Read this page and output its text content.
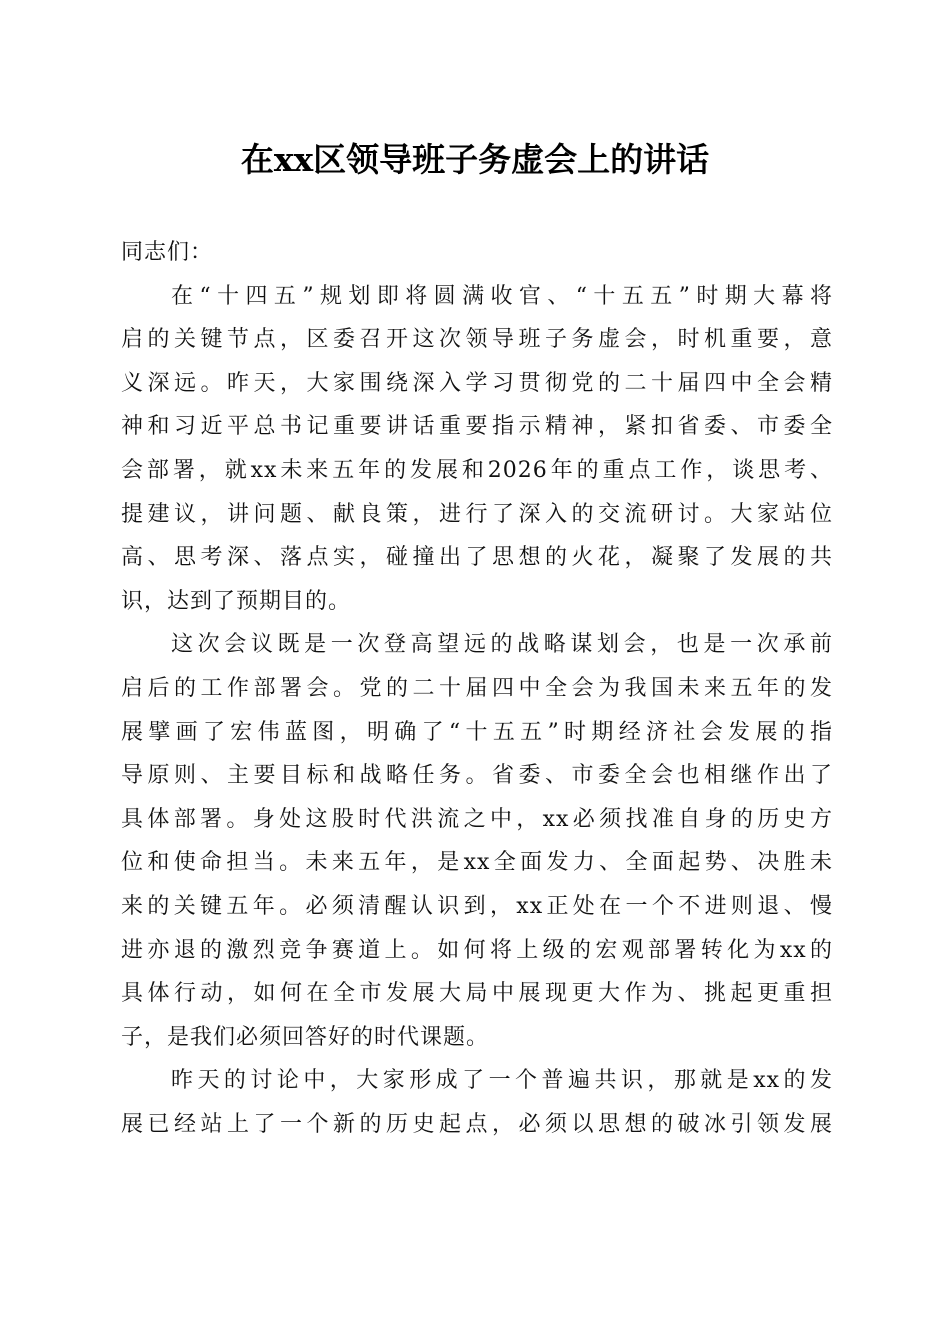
在xx区领导班子务虚会上的讲话
同志们：
在“十四五”规划即将圆满收官、“十五五”时期大幕将
启的关键节点，区委召开这次领导班子务虚会，时机重要，意
义深远。昨天，大家围绕深入学习贯彻党的二十届四中全会精
神和习近平总书记重要讲话重要指示精神，紧扣省委、市委全
会部署，就xx未来五年的发展和2026年的重点工作，谈思考、
提建议，讲问题、献良策，进行了深入的交流研讨。大家站位
高、思考深、落点实，碰撞出了思想的火花，凝聚了发展的共
识，达到了预期目的。
这次会议既是一次登高望远的战略谋划会，也是一次承前
启后的工作部署会。党的二十届四中全会为我国未来五年的发
展擘画了宏伟蓝图，明确了“十五五”时期经济社会发展的指
导原则、主要目标和战略任务。省委、市委全会也相继作出了
具体部署。身处这股时代洪流之中，xx必须找准自身的历史方
位和使命担当。未来五年，是xx全面发力、全面起势、决胜未
来的关键五年。必须清醒认识到，xx正处在一个不进则退、慢
进亦退的激烈竞争赛道上。如何将上级的宏观部署转化为xx的
具体行动，如何在全市发展大局中展现更大作为、挑起更重担
子，是我们必须回答好的时代课题。
昨天的讨论中，大家形成了一个普遍共识，那就是xx的发
展已经站上了一个新的历史起点，必须以思想的破冰引领发展
